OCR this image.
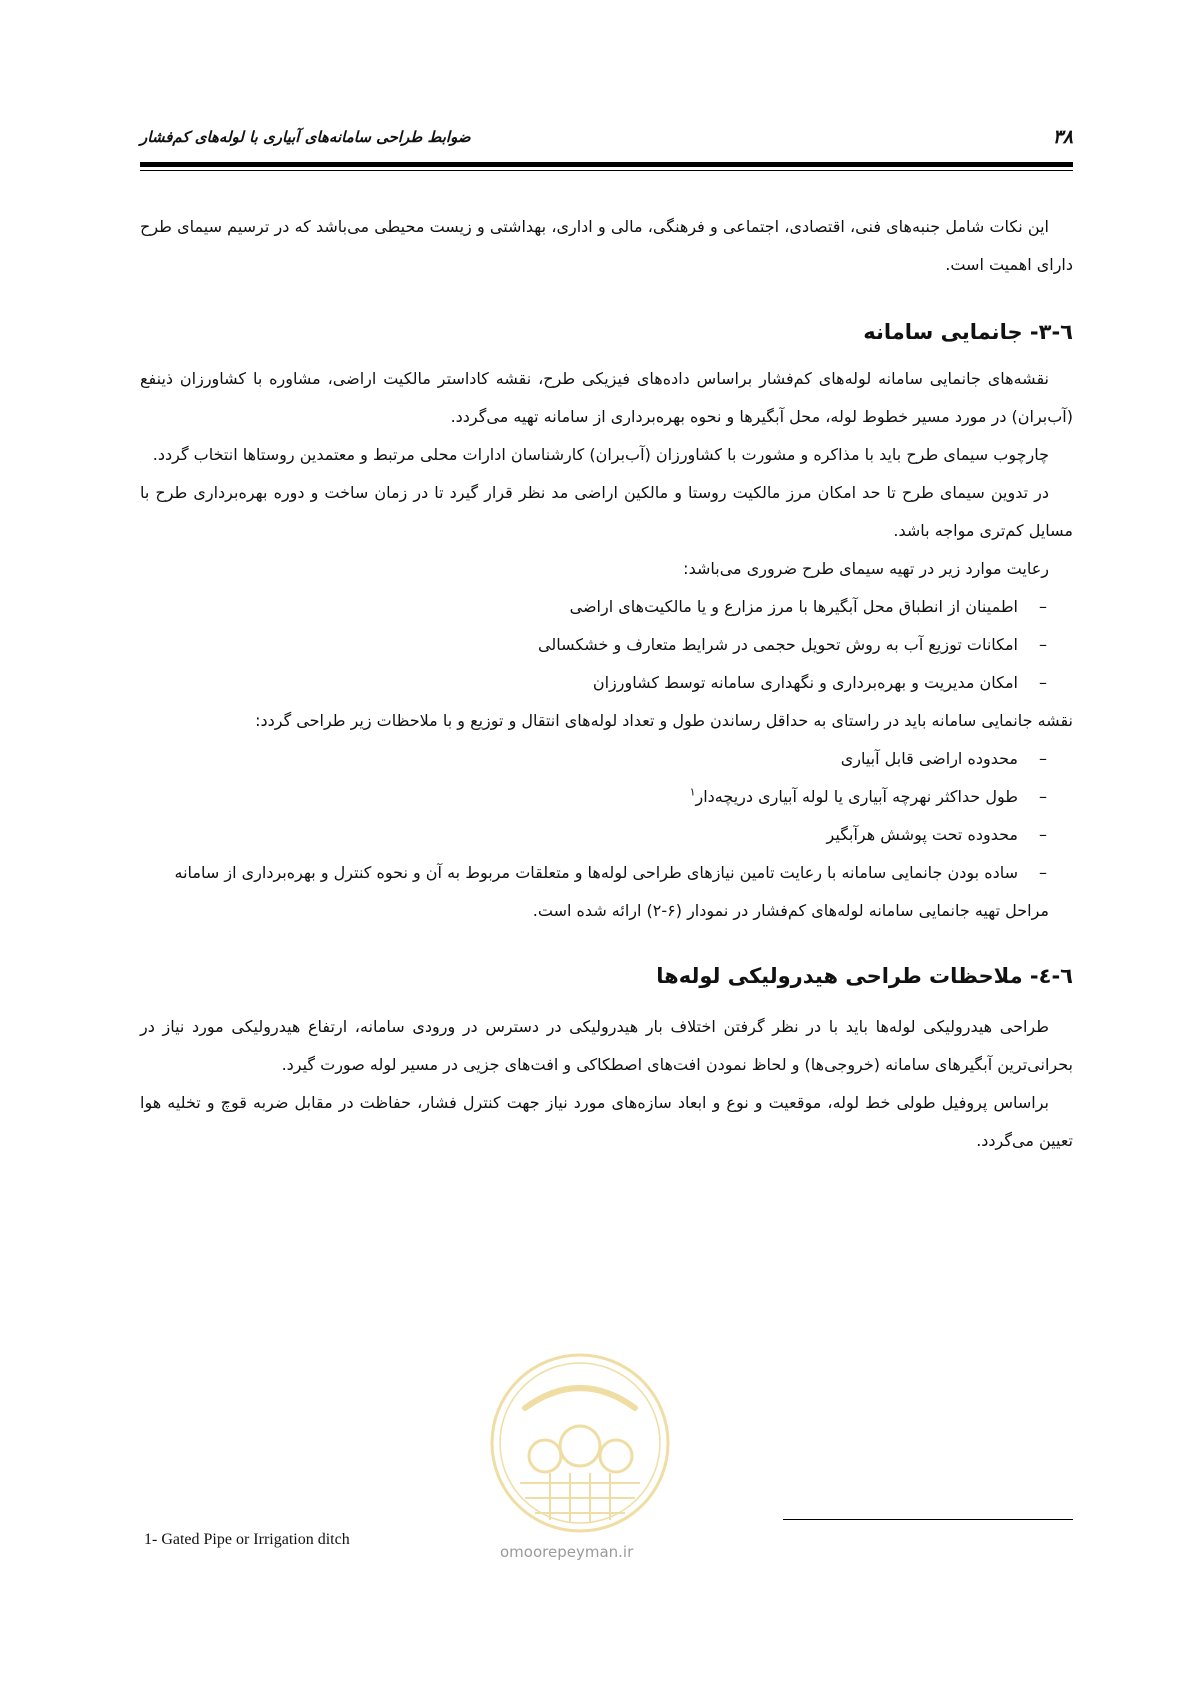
۳۸
ضوابط طراحی سامانه‌های آبیاری با لوله‌های کم‌فشار

این نکات شامل جنبه‌های فنی، اقتصادی، اجتماعی و فرهنگی، مالی و اداری، بهداشتی و زیست محیطی می‌باشد که در ترسیم سیمای طرح دارای اهمیت است.

٦-٣- جانمایی سامانه

نقشه‌های جانمایی سامانه لوله‌های کم‌فشار براساس داده‌های فیزیکی طرح، نقشه کاداستر مالکیت اراضی، مشاوره با کشاورزان ذینفع (آب‌بران) در مورد مسیر خطوط لوله، محل آبگیرها و نحوه بهره‌برداری از سامانه تهیه می‌گردد.

چارچوب سیمای طرح باید با مذاکره و مشورت با کشاورزان (آب‌بران) کارشناسان ادارات محلی مرتبط و معتمدین روستاها انتخاب گردد.

در تدوین سیمای طرح تا حد امکان مرز مالکیت روستا و مالکین اراضی مد نظر قرار گیرد تا در زمان ساخت و دوره بهره‌برداری طرح با مسایل کم‌تری مواجه باشد.

رعایت موارد زیر در تهیه سیمای طرح ضروری می‌باشد:

–
اطمینان از انطباق محل آبگیرها با مرز مزارع و یا مالکیت‌های اراضی
–
امکانات توزیع آب به روش تحویل حجمی در شرایط متعارف و خشکسالی
–
امکان مدیریت و بهره‌برداری و نگهداری سامانه توسط کشاورزان

نقشه جانمایی سامانه باید در راستای به حداقل رساندن طول و تعداد لوله‌های انتقال و توزیع و با ملاحظات زیر طراحی گردد:

–
محدوده اراضی قابل آبیاری
–
طول حداکثر نهرچه آبیاری یا لوله آبیاری دریچه‌دار$^۱$
–
محدوده تحت پوشش هرآبگیر
–
ساده بودن جانمایی سامانه با رعایت تامین نیازهای طراحی لوله‌ها و متعلقات مربوط به آن و نحوه کنترل و بهره‌برداری از سامانه

مراحل تهیه جانمایی سامانه لوله‌های کم‌فشار در نمودار (۶-۲) ارائه شده است.

٦-٤- ملاحظات طراحی هیدرولیکی لوله‌ها

طراحی هیدرولیکی لوله‌ها باید با در نظر گرفتن اختلاف بار هیدرولیکی در دسترس در ورودی سامانه، ارتفاع هیدرولیکی مورد نیاز در بحرانی‌ترین آبگیرهای سامانه (خروجی‌ها) و لحاظ نمودن افت‌های اصطکاکی و افت‌های جزیی در مسیر لوله صورت گیرد.

براساس پروفیل طولی خط لوله، موقعیت و نوع و ابعاد سازه‌های مورد نیاز جهت کنترل فشار، حفاظت در مقابل ضربه قوچ و تخلیه هوا تعیین می‌گردد.

omoorepeyman.ir
1- Gated Pipe or Irrigation ditch
